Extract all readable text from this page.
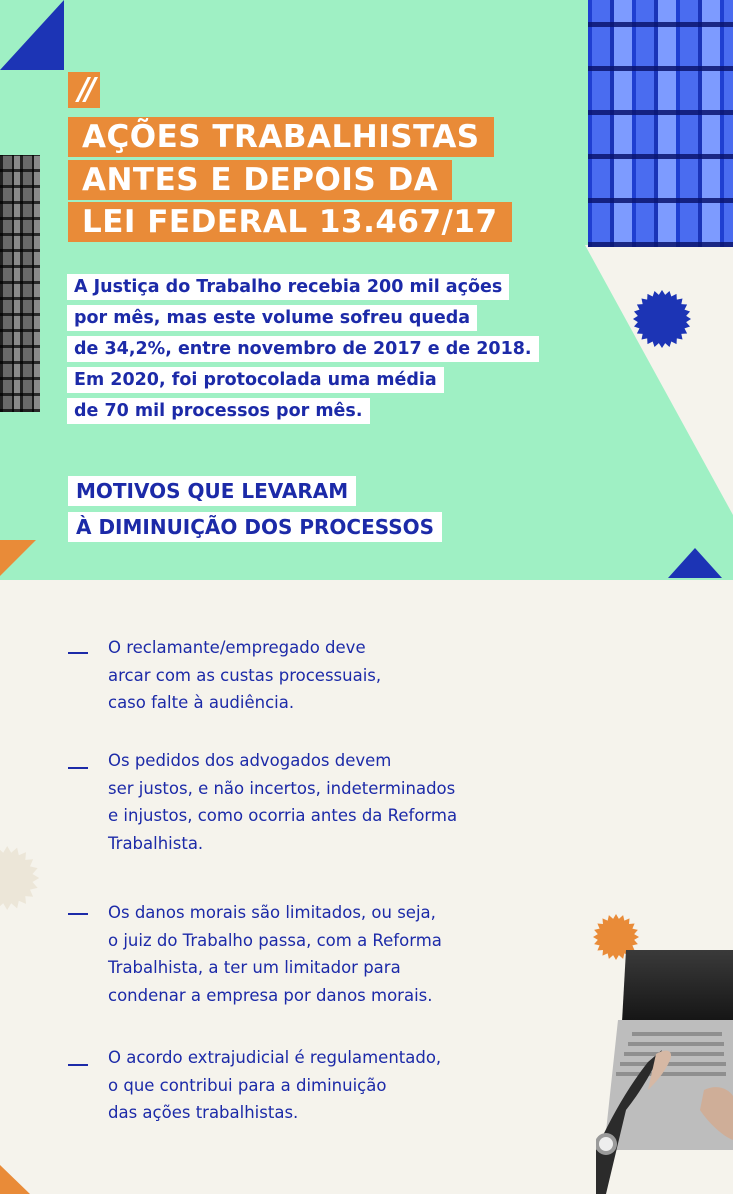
//
AÇÕES TRABALHISTAS
ANTES E DEPOIS DA
LEI FEDERAL 13.467/17
A Justiça do Trabalho recebia 200 mil ações
por mês, mas este volume sofreu queda
de 34,2%, entre novembro de 2017 e de 2018.
Em 2020, foi protocolada uma média
de 70 mil processos por mês.
MOTIVOS QUE LEVARAM
À DIMINUIÇÃO DOS PROCESSOS
O reclamante/empregado deve
arcar com as custas processuais,
caso falte à audiência.
Os pedidos dos advogados devem
ser justos, e não incertos, indeterminados
e injustos, como ocorria antes da Reforma
Trabalhista.
Os danos morais são limitados, ou seja,
o juiz do Trabalho passa, com a Reforma
Trabalhista, a ter um limitador para
condenar a empresa por danos morais.
O acordo extrajudicial é regulamentado,
o que contribui para a diminuição
das ações trabalhistas.
